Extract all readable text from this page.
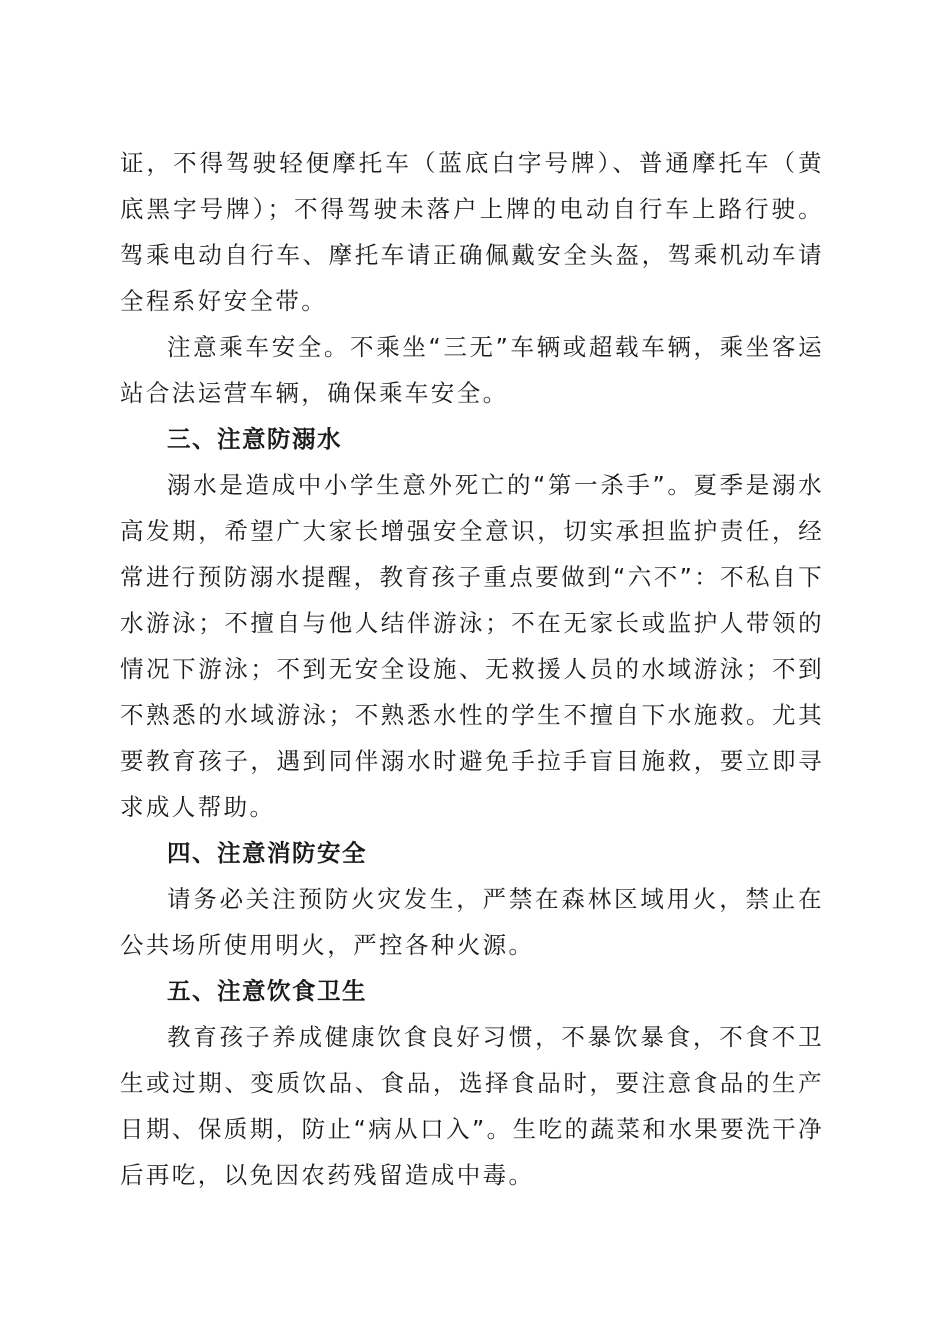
证，不得驾驶轻便摩托车（蓝底白字号牌）、普通摩托车（黄底黑字号牌）；不得驾驶未落户上牌的电动自行车上路行驶。驾乘电动自行车、摩托车请正确佩戴安全头盔，驾乘机动车请全程系好安全带。

注意乘车安全。不乘坐“三无”车辆或超载车辆，乘坐客运站合法运营车辆，确保乘车安全。

三、注意防溺水

溺水是造成中小学生意外死亡的“第一杀手”。夏季是溺水高发期，希望广大家长增强安全意识，切实承担监护责任，经常进行预防溺水提醒，教育孩子重点要做到“六不”：不私自下水游泳；不擅自与他人结伴游泳；不在无家长或监护人带领的情况下游泳；不到无安全设施、无救援人员的水域游泳；不到不熟悉的水域游泳；不熟悉水性的学生不擅自下水施救。尤其要教育孩子，遇到同伴溺水时避免手拉手盲目施救，要立即寻求成人帮助。

四、注意消防安全

请务必关注预防火灾发生，严禁在森林区域用火，禁止在公共场所使用明火，严控各种火源。

五、注意饮食卫生

教育孩子养成健康饮食良好习惯，不暴饮暴食，不食不卫生或过期、变质饮品、食品，选择食品时，要注意食品的生产日期、保质期，防止“病从口入”。生吃的蔬菜和水果要洗干净后再吃，以免因农药残留造成中毒。
